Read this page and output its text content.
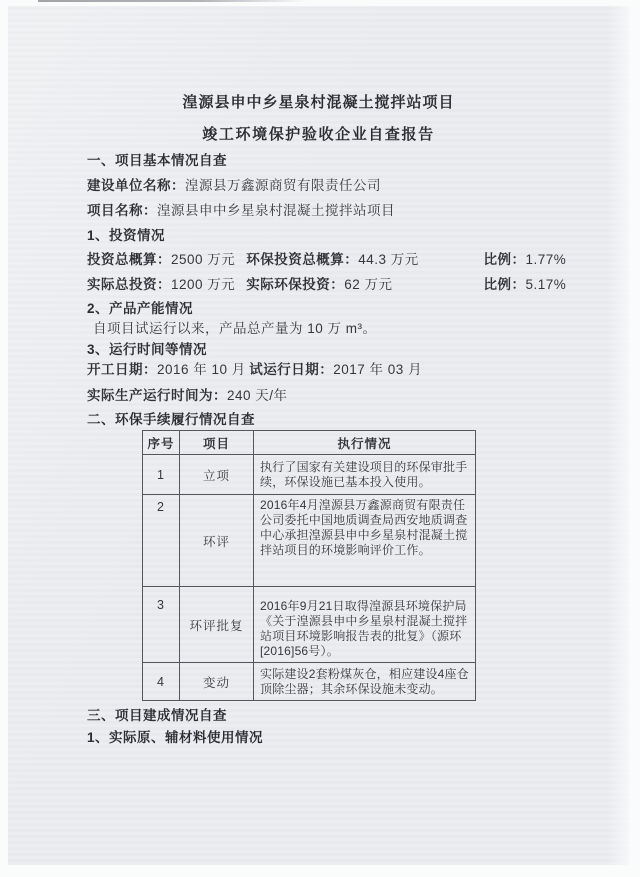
湟源县申中乡星泉村混凝土搅拌站项目
竣工环境保护验收企业自查报告
一、项目基本情况自查
建设单位名称：湟源县万鑫源商贸有限责任公司
项目名称：湟源县申中乡星泉村混凝土搅拌站项目
1、投资情况
投资总概算：2500 万元 环保投资总概算：44.3 万元	比例：1.77%
实际总投资：1200 万元 实际环保投资：62 万元	比例：5.17%
2、产品产能情况
自项目试运行以来，产品总产量为 10 万 m³。
3、运行时间等情况
开工日期：2016 年 10 月 试运行日期：2017 年 03 月
实际生产运行时间为：240 天/年
二、环保手续履行情况自查
序号	项目	执行情况
1	立项	执行了国家有关建设项目的环保审批手续，环保设施已基本投入使用。
2	环评	2016年4月湟源县万鑫源商贸有限责任公司委托中国地质调查局西安地质调查中心承担湟源县申中乡星泉村混凝土搅拌站项目的环境影响评价工作。
3	环评批复	2016年9月21日取得湟源县环境保护局《关于湟源县申中乡星泉村混凝土搅拌站项目环境影响报告表的批复》（源环[2016]56号）。
4	变动	实际建设2套粉煤灰仓，相应建设4座仓顶除尘器；其余环保设施未变动。
三、项目建成情况自查
1、实际原、辅材料使用情况
